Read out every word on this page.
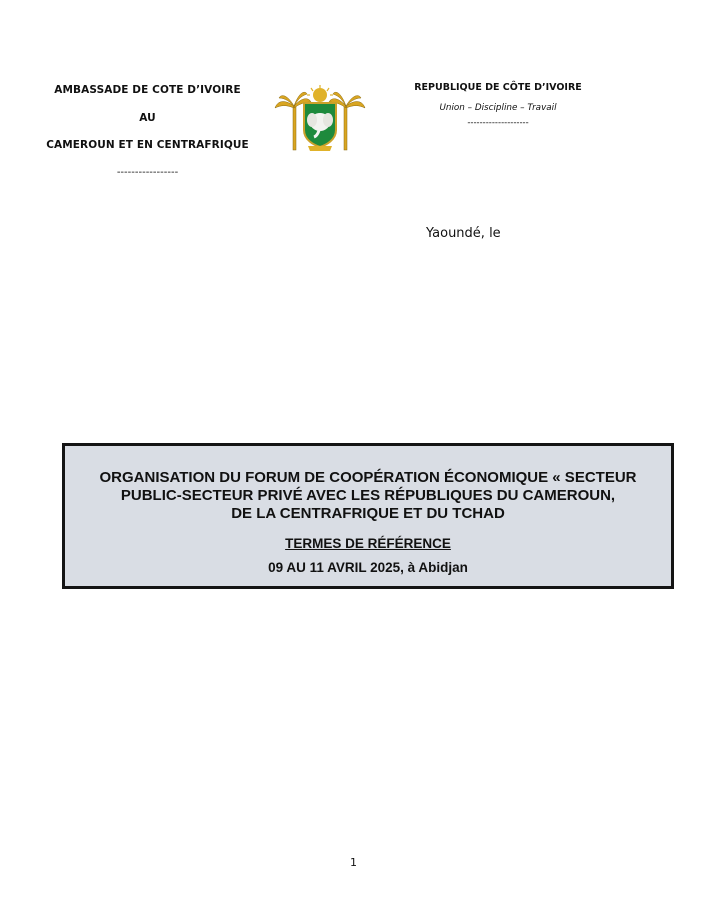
AMBASSADE DE COTE D’IVOIRE
AU
CAMEROUN ET EN CENTRAFRIQUE
-----------------
REPUBLIQUE DE CÔTE D’IVOIRE
Union – Discipline – Travail
--------------------
Yaoundé, le
ORGANISATION DU FORUM DE COOPÉRATION ÉCONOMIQUE « SECTEUR
PUBLIC-SECTEUR PRIVÉ AVEC LES RÉPUBLIQUES DU CAMEROUN,
DE LA CENTRAFRIQUE ET DU TCHAD
TERMES DE RÉFÉRENCE
09 AU 11 AVRIL 2025, à Abidjan
1
